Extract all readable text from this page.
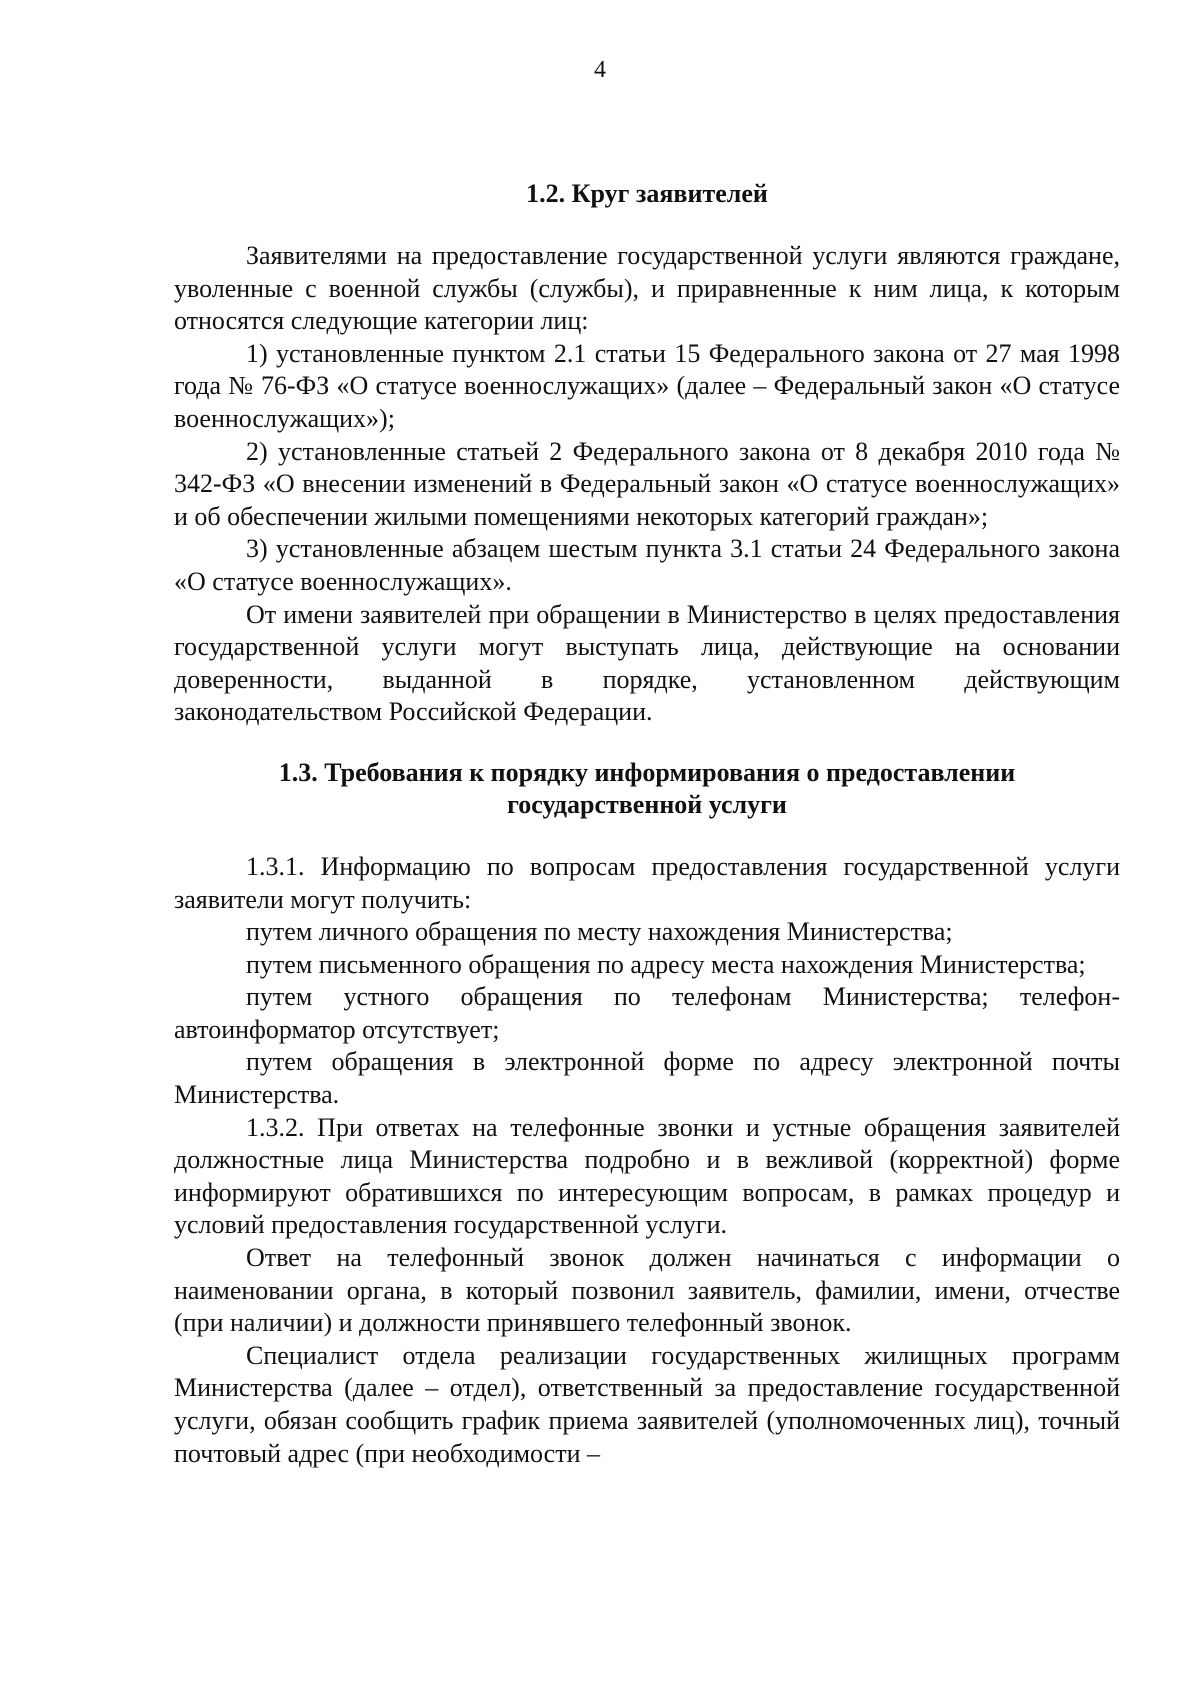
4
1.2. Круг заявителей

Заявителями на предоставление государственной услуги являются граждане, уволенные с военной службы (службы), и приравненные к ним лица, к которым относятся следующие категории лиц:

1) установленные пунктом 2.1 статьи 15 Федерального закона от 27 мая 1998 года № 76-ФЗ «О статусе военнослужащих» (далее – Федеральный закон «О статусе военнослужащих»);

2) установленные статьей 2 Федерального закона от 8 декабря 2010 года № 342-ФЗ «О внесении изменений в Федеральный закон «О статусе военнослужащих» и об обеспечении жилыми помещениями некоторых категорий граждан»;

3) установленные абзацем шестым пункта 3.1 статьи 24 Федерального закона «О статусе военнослужащих».

От имени заявителей при обращении в Министерство в целях предоставления государственной услуги могут выступать лица, действующие на основании доверенности, выданной в порядке, установленном действующим законодательством Российской Федерации.

1.3. Требования к порядку информирования о предоставлении
государственной услуги

1.3.1. Информацию по вопросам предоставления государственной услуги заявители могут получить:

путем личного обращения по месту нахождения Министерства;

путем письменного обращения по адресу места нахождения Министерства;

путем устного обращения по телефонам Министерства; телефон-автоинформатор отсутствует;

путем обращения в электронной форме по адресу электронной почты Министерства.

1.3.2. При ответах на телефонные звонки и устные обращения заявителей должностные лица Министерства подробно и в вежливой (корректной) форме информируют обратившихся по интересующим вопросам, в рамках процедур и условий предоставления государственной услуги.

Ответ на телефонный звонок должен начинаться с информации о наименовании органа, в который позвонил заявитель, фамилии, имени, отчестве (при наличии) и должности принявшего телефонный звонок.

Специалист отдела реализации государственных жилищных программ Министерства (далее – отдел), ответственный за предоставление государственной услуги, обязан сообщить график приема заявителей (уполномоченных лиц), точный почтовый адрес (при необходимости –
